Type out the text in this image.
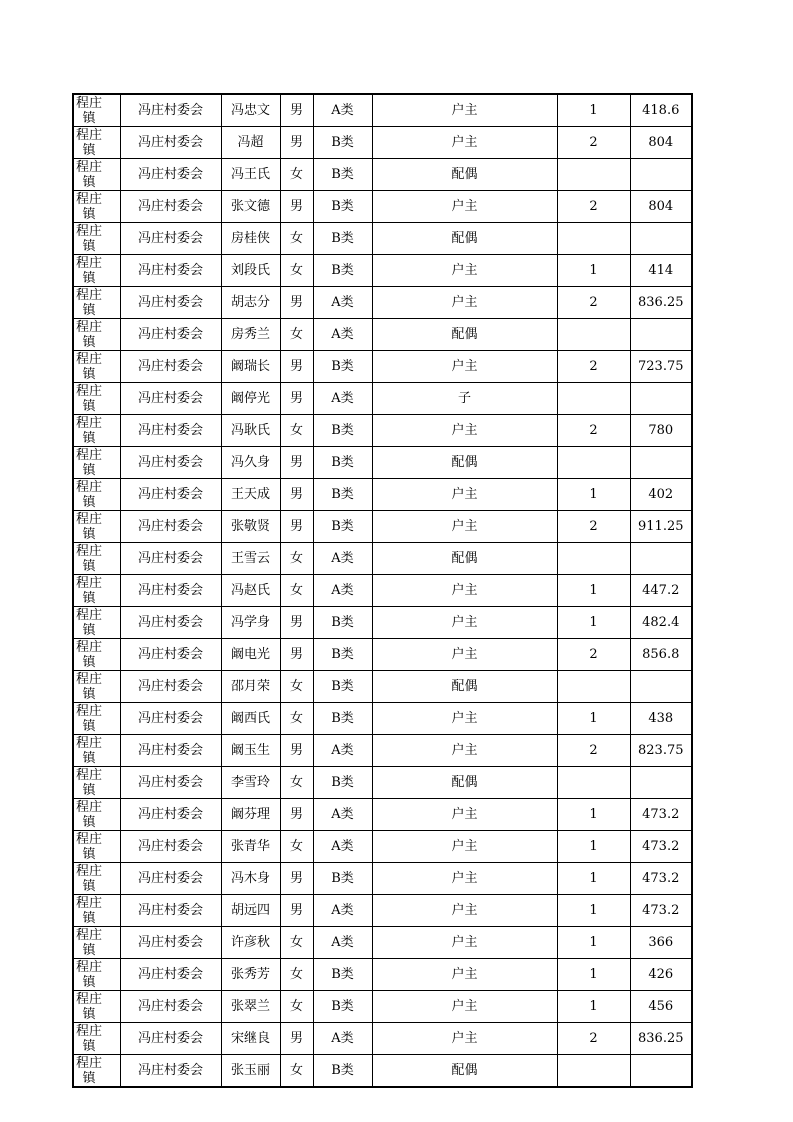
程庄镇	冯庄村委会	冯忠文	男	A类	户主	1	418.6

程庄镇	冯庄村委会	冯超	男	B类	户主	2	804

程庄镇	冯庄村委会	冯王氏	女	B类	配偶		

程庄镇	冯庄村委会	张文德	男	B类	户主	2	804

程庄镇	冯庄村委会	房桂侠	女	B类	配偶		

程庄镇	冯庄村委会	刘段氏	女	B类	户主	1	414

程庄镇	冯庄村委会	胡志分	男	A类	户主	2	836.25

程庄镇	冯庄村委会	房秀兰	女	A类	配偶		

程庄镇	冯庄村委会	阚瑞长	男	B类	户主	2	723.75

程庄镇	冯庄村委会	阚停光	男	A类	子		

程庄镇	冯庄村委会	冯耿氏	女	B类	户主	2	780

程庄镇	冯庄村委会	冯久身	男	B类	配偶		

程庄镇	冯庄村委会	王天成	男	B类	户主	1	402

程庄镇	冯庄村委会	张敬贤	男	B类	户主	2	911.25

程庄镇	冯庄村委会	王雪云	女	A类	配偶		

程庄镇	冯庄村委会	冯赵氏	女	A类	户主	1	447.2

程庄镇	冯庄村委会	冯学身	男	B类	户主	1	482.4

程庄镇	冯庄村委会	阚电光	男	B类	户主	2	856.8

程庄镇	冯庄村委会	邵月荣	女	B类	配偶		

程庄镇	冯庄村委会	阚西氏	女	B类	户主	1	438

程庄镇	冯庄村委会	阚玉生	男	A类	户主	2	823.75

程庄镇	冯庄村委会	李雪玲	女	B类	配偶		

程庄镇	冯庄村委会	阚芬理	男	A类	户主	1	473.2

程庄镇	冯庄村委会	张青华	女	A类	户主	1	473.2

程庄镇	冯庄村委会	冯木身	男	B类	户主	1	473.2

程庄镇	冯庄村委会	胡远四	男	A类	户主	1	473.2

程庄镇	冯庄村委会	许彦秋	女	A类	户主	1	366

程庄镇	冯庄村委会	张秀芳	女	B类	户主	1	426

程庄镇	冯庄村委会	张翠兰	女	B类	户主	1	456

程庄镇	冯庄村委会	宋继良	男	A类	户主	2	836.25

程庄镇	冯庄村委会	张玉丽	女	B类	配偶		
